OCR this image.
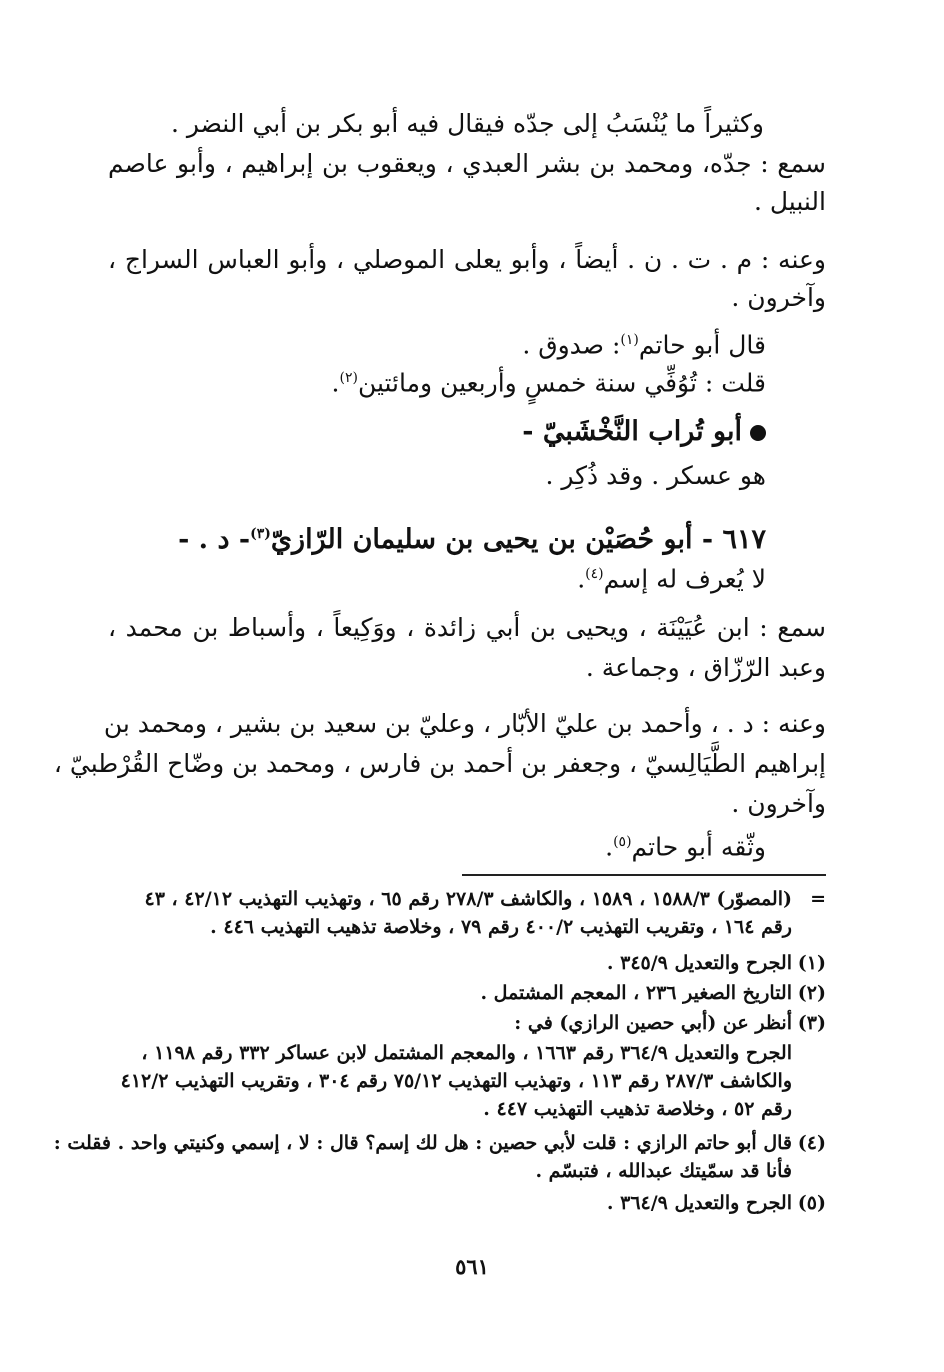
وكثيراً ما يُنْسَبُ إلى جدّه فيقال فيه أبو بكر بن أبي النضر .
سمع : جدّه، ومحمد بن بشر العبدي ، ويعقوب بن إبراهيم ، وأبو عاصم
النبيل .
وعنه : م . ت . ن . أيضاً ، وأبو يعلى الموصلي ، وأبو العباس السراج ،
وآخرون .
قال أبو حاتم$^{(١)}$: صدوق .
قلت : تُوُفِّي سنة خمسٍ وأربعين ومائتين$^{(٢)}$.
أبو تُراب النَّخْشَبيّ -
هو عسكر . وقد ذُكِر .
٦١٧ - أبو حُصَيْن بن يحيى بن سليمان الرّازيّ$^{(٣)}$- د . -
لا يُعرف له إسم$^{(٤)}$.
سمع : ابن عُيَيْنَة ، ويحيى بن أبي زائدة ، ووَكِيعاً ، وأسباط بن محمد ،
وعبد الرّزّاق ، وجماعة .
وعنه : د . ، وأحمد بن عليّ الأبّار ، وعليّ بن سعيد بن بشير ، ومحمد بن
إبراهيم الطَّيَالِسيّ ، وجعفر بن أحمد بن فارس ، ومحمد بن وضّاح القُرْطبيّ ،
وآخرون .
وثّقه أبو حاتم$^{(٥)}$.
=(المصوّر) ١٥٨٨/٣ ، ١٥٨٩ ، والكاشف ٢٧٨/٣ رقم ٦٥ ، وتهذيب التهذيب ٤٢/١٢ ، ٤٣
رقم ١٦٤ ، وتقريب التهذيب ٤٠٠/٢ رقم ٧٩ ، وخلاصة تذهيب التهذيب ٤٤٦ .
(١)الجرح والتعديل ٣٤٥/٩ .
(٢)التاريخ الصغير ٢٣٦ ، المعجم المشتمل .
(٣)أنظر عن (أبي حصين الرازي) في :
الجرح والتعديل ٣٦٤/٩ رقم ١٦٦٣ ، والمعجم المشتمل لابن عساكر ٣٣٢ رقم ١١٩٨ ،
والكاشف ٢٨٧/٣ رقم ١١٣ ، وتهذيب التهذيب ٧٥/١٢ رقم ٣٠٤ ، وتقريب التهذيب ٤١٢/٢
رقم ٥٢ ، وخلاصة تذهيب التهذيب ٤٤٧ .
(٤)قال أبو حاتم الرازي : قلت لأبي حصين : هل لك إسم؟ قال : لا ، إسمي وكنيتي واحد . فقلت :
فأنا قد سمّيتك عبدالله ، فتبسّم .
(٥)الجرح والتعديل ٣٦٤/٩ .
٥٦١
